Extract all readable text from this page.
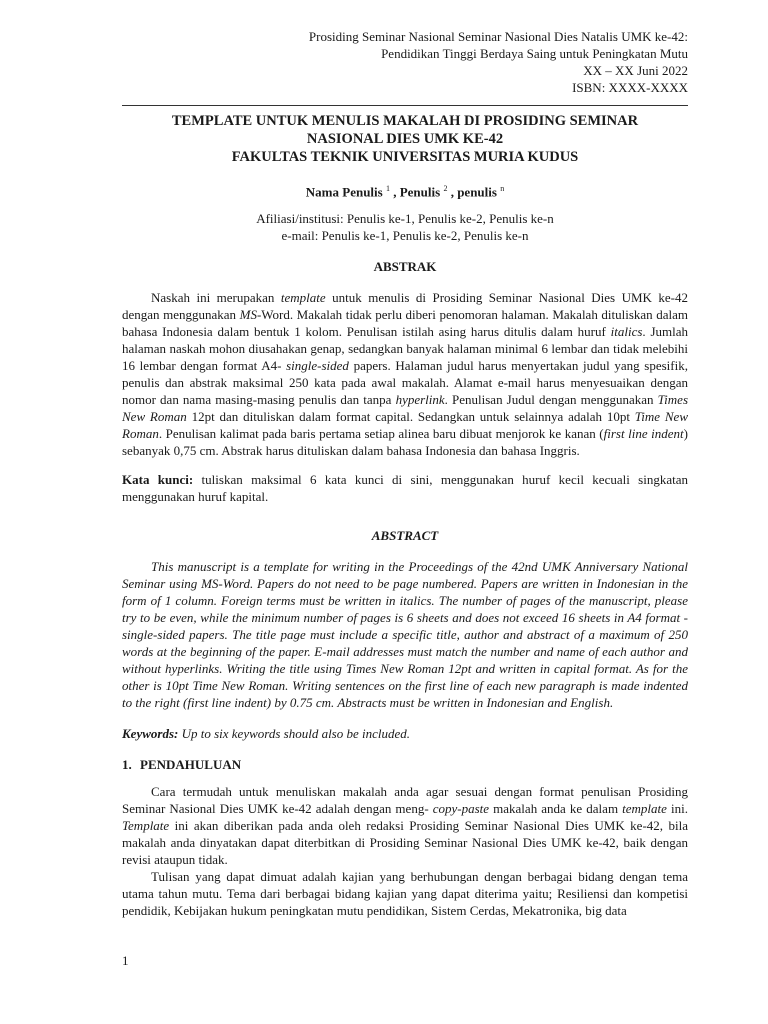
Prosiding Seminar Nasional Seminar Nasional Dies Natalis UMK ke-42:
Pendidikan Tinggi Berdaya Saing untuk Peningkatan Mutu
XX – XX Juni 2022
ISBN: XXXX-XXXX
TEMPLATE UNTUK MENULIS MAKALAH DI PROSIDING SEMINAR
NASIONAL DIES UMK KE-42
FAKULTAS TEKNIK UNIVERSITAS MURIA KUDUS
Nama Penulis $^1$ , Penulis $^2$ , penulis $^n$
Afiliasi/institusi: Penulis ke-1, Penulis ke-2, Penulis ke-n
e-mail: Penulis ke-1, Penulis ke-2, Penulis ke-n
ABSTRAK

Naskah ini merupakan template untuk menulis di Prosiding Seminar Nasional Dies UMK ke-42 dengan menggunakan MS-Word. Makalah tidak perlu diberi penomoran halaman. Makalah dituliskan dalam bahasa Indonesia dalam bentuk 1 kolom. Penulisan istilah asing harus ditulis dalam huruf italics. Jumlah halaman naskah mohon diusahakan genap, sedangkan banyak halaman minimal 6 lembar dan tidak melebihi 16 lembar dengan format A4- single-sided papers. Halaman judul harus menyertakan judul yang spesifik, penulis dan abstrak maksimal 250 kata pada awal makalah. Alamat e-mail harus menyesuaikan dengan nomor dan nama masing-masing penulis dan tanpa hyperlink. Penulisan Judul dengan menggunakan Times New Roman 12pt dan dituliskan dalam format capital. Sedangkan untuk selainnya adalah 10pt Time New Roman. Penulisan kalimat pada baris pertama setiap alinea baru dibuat menjorok ke kanan (first line indent) sebanyak 0,75 cm. Abstrak harus dituliskan dalam bahasa Indonesia dan bahasa Inggris.

Kata kunci: tuliskan maksimal 6 kata kunci di sini, menggunakan huruf kecil kecuali singkatan menggunakan huruf kapital.

ABSTRACT

This manuscript is a template for writing in the Proceedings of the 42nd UMK Anniversary National Seminar using MS-Word. Papers do not need to be page numbered. Papers are written in Indonesian in the form of 1 column. Foreign terms must be written in italics. The number of pages of the manuscript, please try to be even, while the minimum number of pages is 6 sheets and does not exceed 16 sheets in A4 format - single-sided papers. The title page must include a specific title, author and abstract of a maximum of 250 words at the beginning of the paper. E-mail addresses must match the number and name of each author and without hyperlinks. Writing the title using Times New Roman 12pt and written in capital format. As for the other is 10pt Time New Roman. Writing sentences on the first line of each new paragraph is made indented to the right (first line indent) by 0.75 cm. Abstracts must be written in Indonesian and English.

Keywords: Up to six keywords should also be included.

1. PENDAHULUAN

Cara termudah untuk menuliskan makalah anda agar sesuai dengan format penulisan Prosiding Seminar Nasional Dies UMK ke-42 adalah dengan meng- copy-paste makalah anda ke dalam template ini. Template ini akan diberikan pada anda oleh redaksi Prosiding Seminar Nasional Dies UMK ke-42, bila makalah anda dinyatakan dapat diterbitkan di Prosiding Seminar Nasional Dies UMK ke-42, baik dengan revisi ataupun tidak.

Tulisan yang dapat dimuat adalah kajian yang berhubungan dengan berbagai bidang dengan tema utama tahun mutu. Tema dari berbagai bidang kajian yang dapat diterima yaitu; Resiliensi dan kompetisi pendidik, Kebijakan hukum peningkatan mutu pendidikan, Sistem Cerdas, Mekatronika, big data

1
